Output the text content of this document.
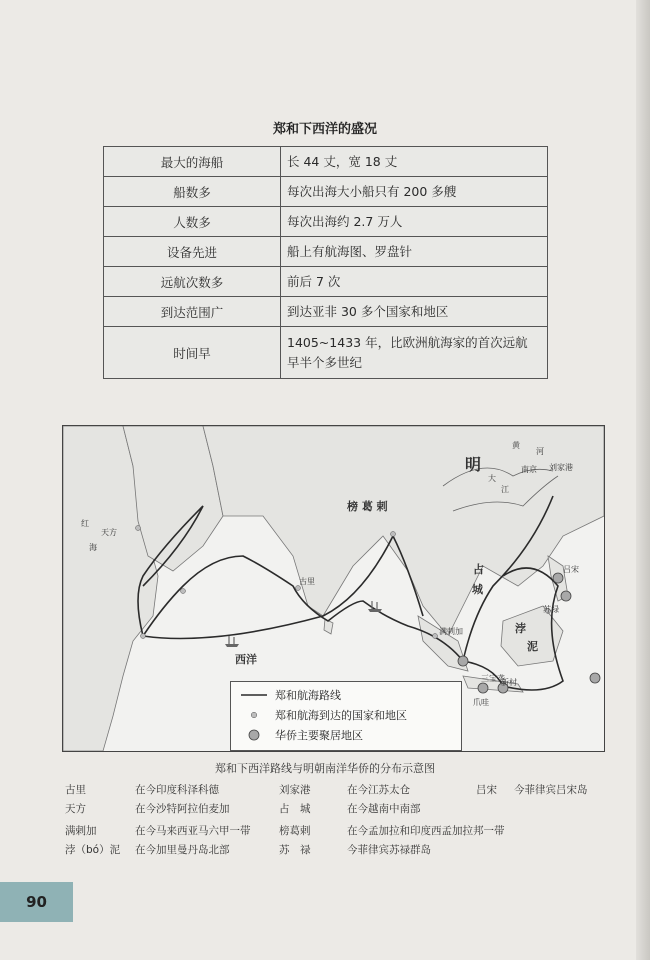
郑和下西洋的盛况
最大的海船	长 44 丈，宽 18 丈
船数多	每次出海大小船只有 200 多艘
人数多	每次出海约 2.7 万人
设备先进	船上有航海图、罗盘针
远航次数多	前后 7 次
到达范围广	到达亚非 30 多个国家和地区
时间早	1405~1433 年，比欧洲航海家的首次远航
早半个多世纪
明
黄
河
大
江
南京 刘家港
天方
红
海
榜 葛 剌
古里
西洋
占
城
吕宋
苏禄
满剌加	浡
泥
三宝垄
新村
爪哇
郑和航海路线
郑和航海到达的国家和地区
华侨主要聚居地区
郑和下西洋路线与明朝南洋华侨的分布示意图
古里	在今印度科泽科德
天方	在今沙特阿拉伯麦加
满剌加	在今马来西亚马六甲一带
浡（bó）泥 在今加里曼丹岛北部
刘家港	在今江苏太仓
占　城	在今越南中南部
榜葛剌	在今孟加拉和印度西孟加拉邦一带
苏　禄	今菲律宾苏禄群岛
吕宋 今菲律宾吕宋岛
90
